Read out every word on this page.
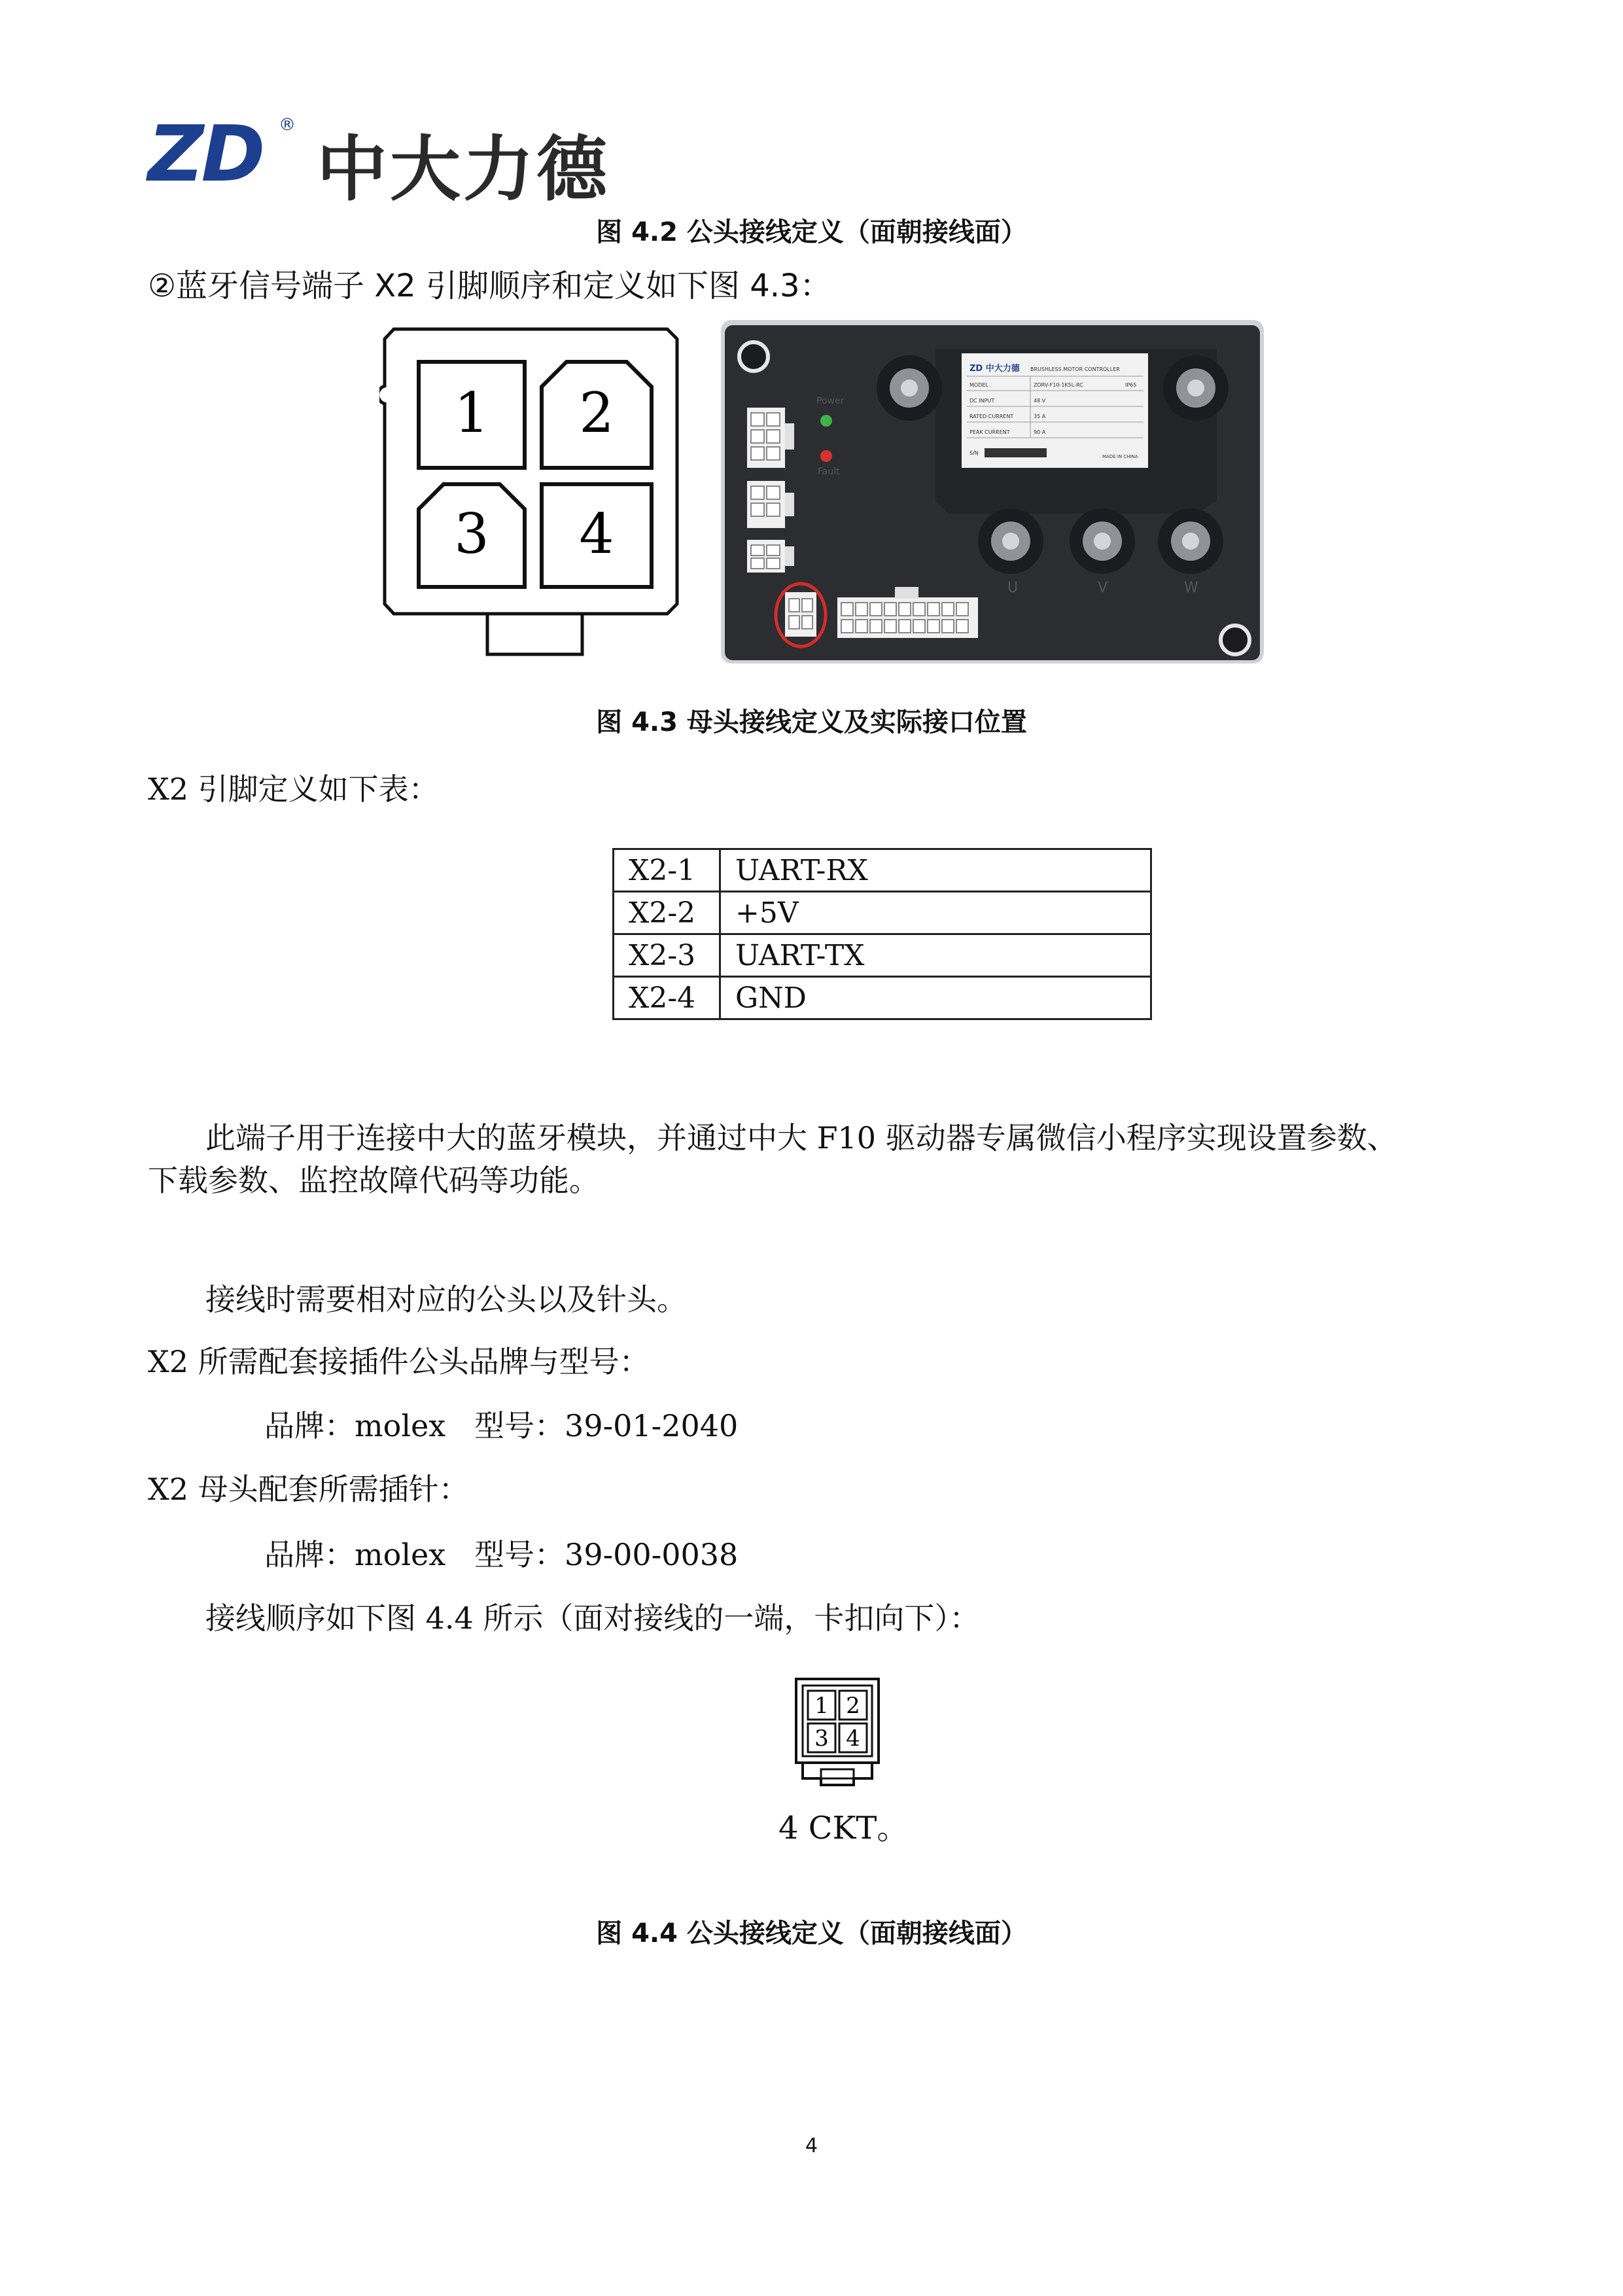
ZD ®
中大力德
图 4.2 公头接线定义（面朝接线面）
②蓝牙信号端子 X2 引脚顺序和定义如下图 4.3：
1 2
3 4
ZD 中大力德 BRUSHLESS MOTOR CONTROLLER
MODEL	ZDRV-F10-1K5L-RC	IP65
DC INPUT	48 V
RATED CURRENT	35 A
PEAK CURRENT	90 A
S/N
MADE IN CHINA
U	V	W
Power
Fault
图 4.3 母头接线定义及实际接口位置
X2 引脚定义如下表：
X2-1	UART-RX
X2-2	+5V
X2-3	UART-TX
X2-4	GND
此端子用于连接中大的蓝牙模块，并通过中大 F10 驱动器专属微信小程序实现设置参数、
下载参数、监控故障代码等功能。
接线时需要相对应的公头以及针头。
X2 所需配套接插件公头品牌与型号：
品牌：molex   型号：39-01-2040
X2 母头配套所需插针：
品牌：molex   型号：39-00-0038
接线顺序如下图 4.4 所示（面对接线的一端，卡扣向下）：
1 2
3 4
4 CKT。
图 4.4 公头接线定义（面朝接线面）
4
